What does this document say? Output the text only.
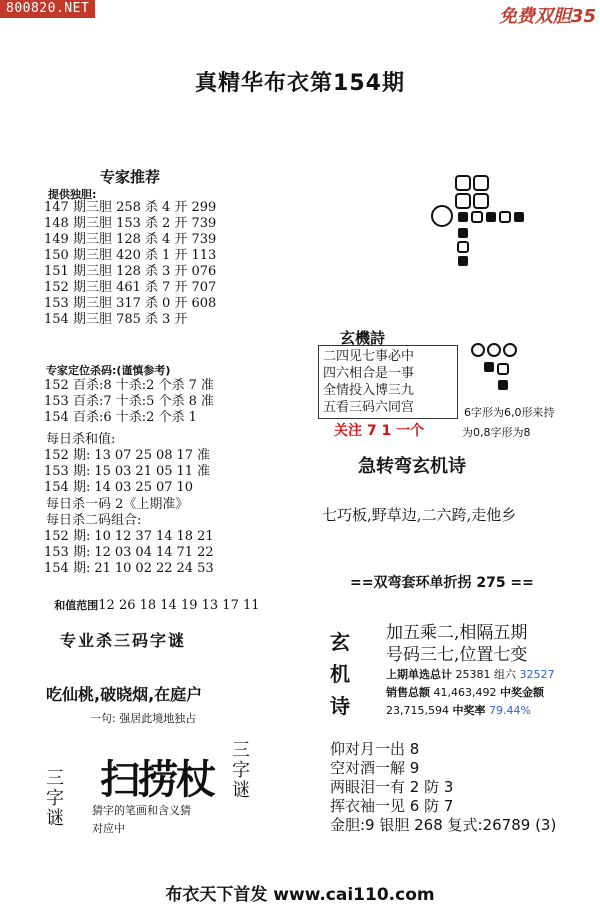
800820.NET	免费双胆35
真精华布衣第154期
专家推荐
提供独胆:
147 期三胆 258	杀 4	开 299
148 期三胆 153	杀 2	开 739
149 期三胆 128	杀 4	开 739
150 期三胆 420	杀 1	开 113
151 期三胆 128	杀 3	开 076
152 期三胆 461	杀 7	开 707
153 期三胆 317	杀 0	开 608
154 期三胆 785	杀 3	开
专家定位杀码:(谨慎参考)
152 百杀:8 十杀:2 个杀 7	准
153 百杀:7 十杀:5 个杀 8	准
154 百杀:6 十杀:2 个杀 1	
每日杀和值:
152 期:	13	07	25	08	17	准
153 期:	15	03	21	05	11	准
154 期:	14	03	25	07	10	
每日杀一码 2《上期准》
每日杀二码组合:
152 期:	10	12	37	14	18	21
153 期:	12	03	04	14	71	22
154 期:	21	10	02	22	24	53

和值范围12 26 18 14 19 13 17 11

专业杀三码字谜
吃仙桃,破晓烟,在庭户
一句: 强居此境地独占
三字谜 扫捞杖
猜字的笔画和含义猜
对应中
三字谜
玄機詩
二四见七事必中
四六相合是一事
全情投入博三九
五看三码六同宫
关注 7 1 一个
6字形为6,0形来持
为0,8字形为8
急转弯玄机诗
七巧板,野草边,二六跨,走他乡
==双弯套环单折拐 275 ==
玄机诗
加五乘二,相隔五期
号码三七,位置七变
上期单选总计 25381 组六 32527
销售总额 41,463,492 中奖金额
23,715,594 中奖率 79.44%
仰对月一出 8
空对酒一解 9
两眼泪一有 2 防 3
挥衣袖一见 6 防 7
金胆:9 银胆 268 复式:26789 (3)
布衣天下首发 www.cai110.com
